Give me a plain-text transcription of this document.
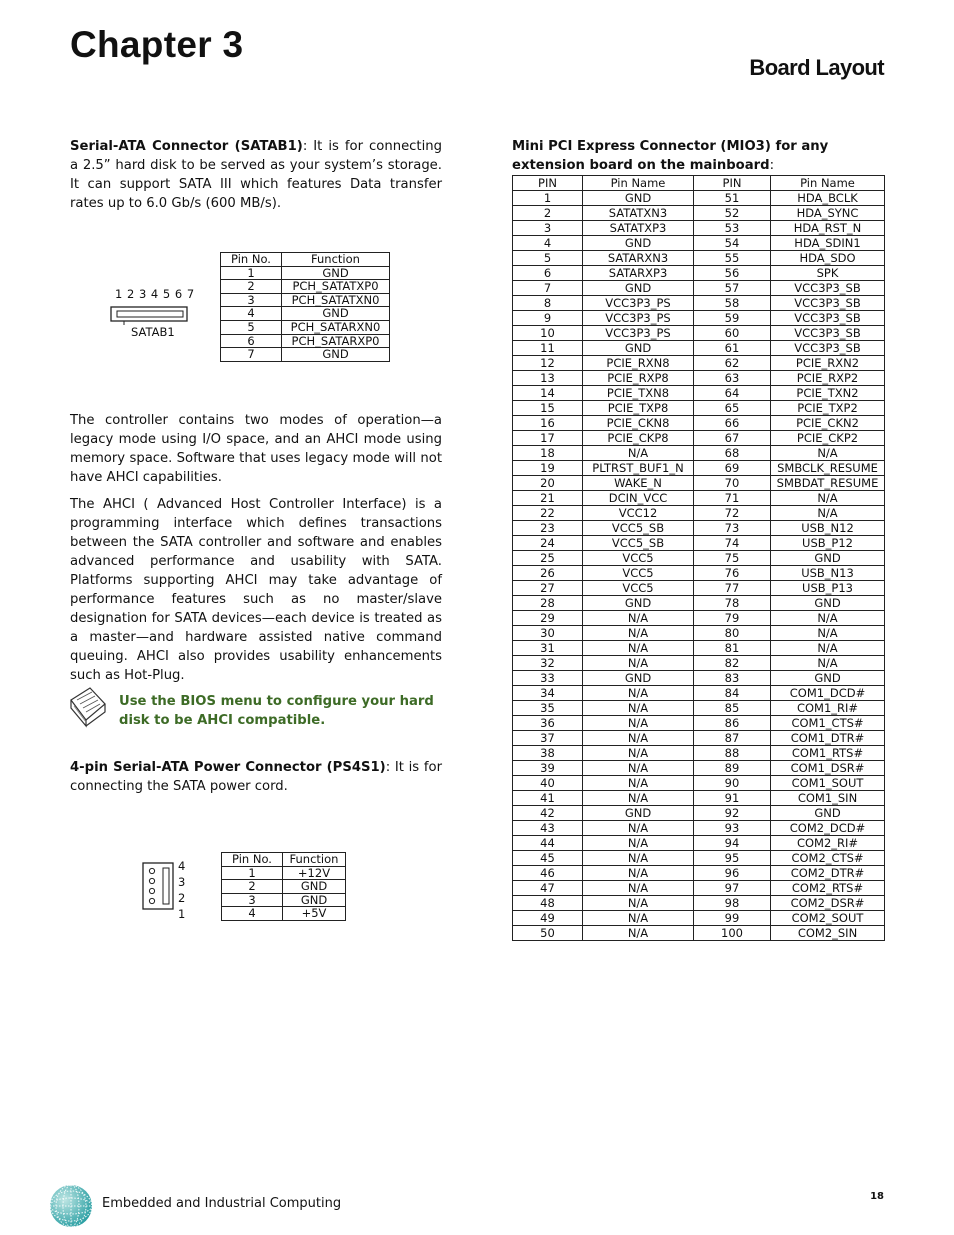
Chapter 3
Board Layout

Serial-ATA Connector (SATAB1): It is for connecting a 2.5” hard disk to be served as your system’s storage. It can support SATA III which features Data transfer rates up to 6.0 Gb/s (600 MB/s).

1 2 3 4 5 6 7
SATAB1
Pin No.	Function
1	GND
2	PCH_SATATXP0
3	PCH_SATATXN0
4	GND
5	PCH_SATARXN0
6	PCH_SATARXP0
7	GND

The controller contains two modes of operation—a legacy mode using I/O space, and an AHCI mode using memory space. Software that uses legacy mode will not have AHCI capabilities.

The AHCI ( Advanced Host Controller Interface) is a programming interface which defines transactions between the SATA controller and software and enables advanced performance and usability with SATA. Platforms supporting AHCI may take advantage of performance features such as no master/slave designation for SATA devices—each device is treated as a master—and hardware assisted native command queuing. AHCI also provides usability enhancements such as Hot-Plug.

Use the BIOS menu to configure your hard disk to be AHCI compatible.

4-pin Serial-ATA Power Connector (PS4S1): It is for connecting the SATA power cord.

4
3
2
1
Pin No.	Function
1	+12V
2	GND
3	GND
4	+5V

Mini PCI Express Connector (MIO3) for any extension board on the mainboard:

PIN	Pin Name	PIN	Pin Name
1	GND	51	HDA_BCLK
2	SATATXN3	52	HDA_SYNC
3	SATATXP3	53	HDA_RST_N
4	GND	54	HDA_SDIN1
5	SATARXN3	55	HDA_SDO
6	SATARXP3	56	SPK
7	GND	57	VCC3P3_SB
8	VCC3P3_PS	58	VCC3P3_SB
9	VCC3P3_PS	59	VCC3P3_SB
10	VCC3P3_PS	60	VCC3P3_SB
11	GND	61	VCC3P3_SB
12	PCIE_RXN8	62	PCIE_RXN2
13	PCIE_RXP8	63	PCIE_RXP2
14	PCIE_TXN8	64	PCIE_TXN2
15	PCIE_TXP8	65	PCIE_TXP2
16	PCIE_CKN8	66	PCIE_CKN2
17	PCIE_CKP8	67	PCIE_CKP2
18	N/A	68	N/A
19	PLTRST_BUF1_N	69	SMBCLK_RESUME
20	WAKE_N	70	SMBDAT_RESUME
21	DCIN_VCC	71	N/A
22	VCC12	72	N/A
23	VCC5_SB	73	USB_N12
24	VCC5_SB	74	USB_P12
25	VCC5	75	GND
26	VCC5	76	USB_N13
27	VCC5	77	USB_P13
28	GND	78	GND
29	N/A	79	N/A
30	N/A	80	N/A
31	N/A	81	N/A
32	N/A	82	N/A
33	GND	83	GND
34	N/A	84	COM1_DCD#
35	N/A	85	COM1_RI#
36	N/A	86	COM1_CTS#
37	N/A	87	COM1_DTR#
38	N/A	88	COM1_RTS#
39	N/A	89	COM1_DSR#
40	N/A	90	COM1_SOUT
41	N/A	91	COM1_SIN
42	GND	92	GND
43	N/A	93	COM2_DCD#
44	N/A	94	COM2_RI#
45	N/A	95	COM2_CTS#
46	N/A	96	COM2_DTR#
47	N/A	97	COM2_RTS#
48	N/A	98	COM2_DSR#
49	N/A	99	COM2_SOUT
50	N/A	100	COM2_SIN
Embedded and Industrial Computing	18
